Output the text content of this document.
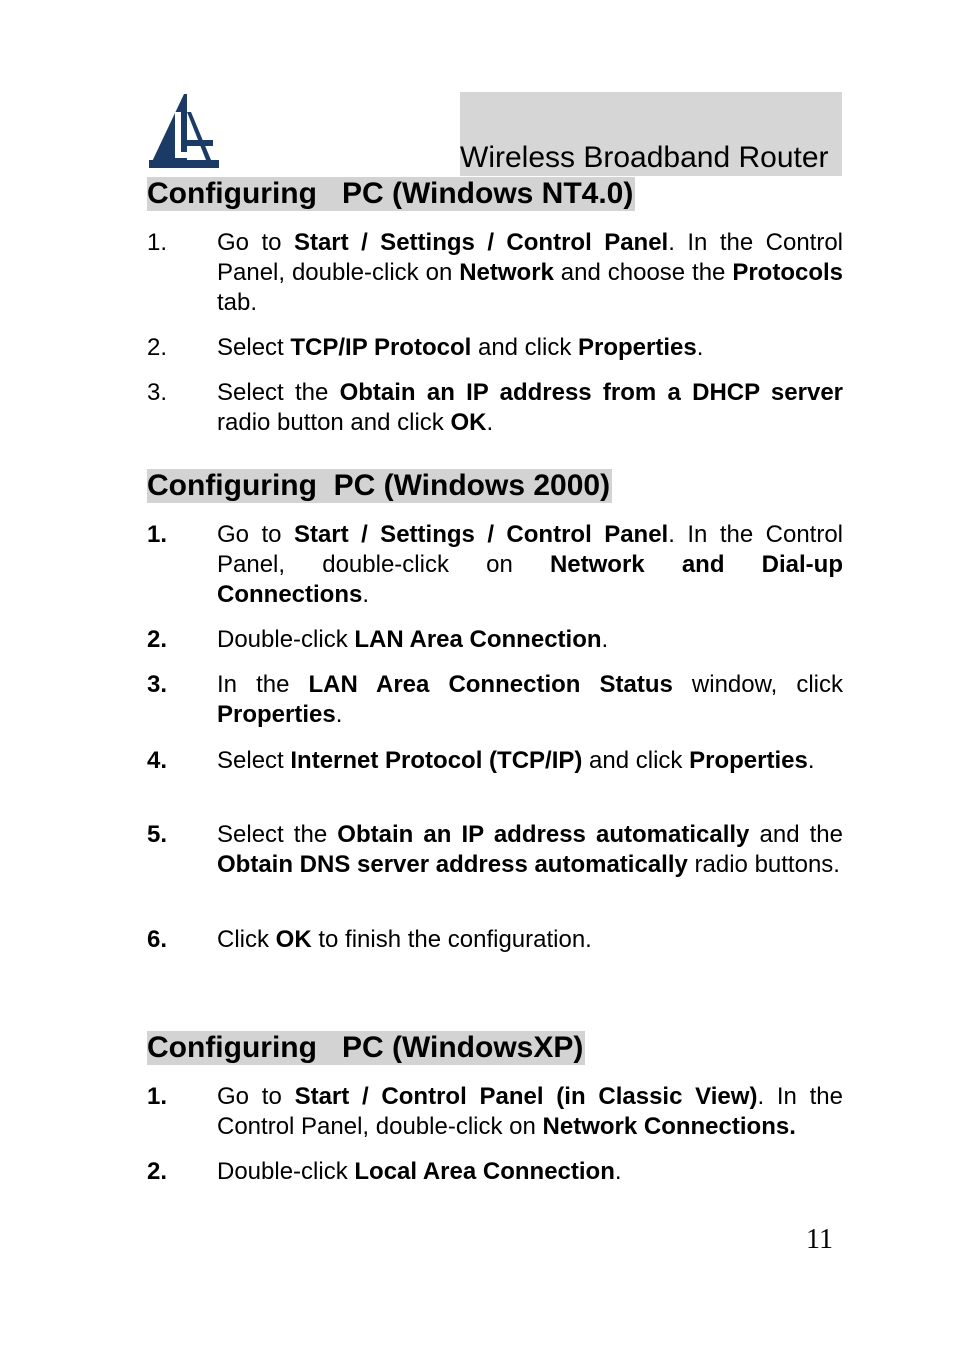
Wireless Broadband Router
Configuring   PC (Windows NT4.0)
1. Go to Start / Settings / Control Panel. In the Control Panel, double-click on Network and choose the Protocols tab.
2. Select TCP/IP Protocol and click Properties.
3. Select the Obtain an IP address from a DHCP server radio button and click OK.
Configuring  PC (Windows 2000)
1. Go to Start / Settings / Control Panel. In the Control Panel, double-click on Network and Dial-up Connections.
2. Double-click LAN Area Connection.
3. In the LAN Area Connection Status window, click Properties.
4. Select Internet Protocol (TCP/IP) and click Properties.
5. Select the Obtain an IP address automatically and the Obtain DNS server address automatically radio buttons.
6. Click OK to finish the configuration.
Configuring   PC (WindowsXP)
1. Go to Start / Control Panel (in Classic View). In the Control Panel, double-click on Network Connections.
2. Double-click Local Area Connection.
11
